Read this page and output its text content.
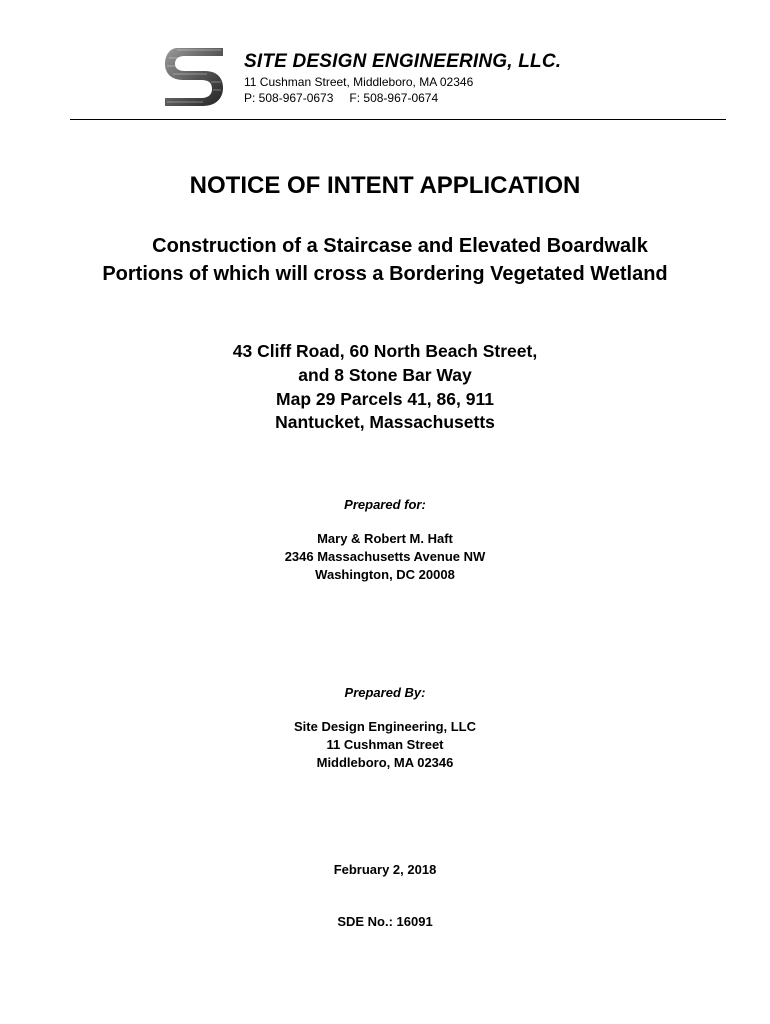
SITE DESIGN ENGINEERING, LLC.
11 Cushman Street, Middleboro, MA 02346
P: 508-967-0673 F: 508-967-0674
NOTICE OF INTENT APPLICATION
Construction of a Staircase and Elevated Boardwalk
Portions of which will cross a Bordering Vegetated Wetland
43 Cliff Road, 60 North Beach Street,
and 8 Stone Bar Way
Map 29 Parcels 41, 86, 911
Nantucket, Massachusetts
Prepared for:
Mary & Robert M. Haft
2346 Massachusetts Avenue NW
Washington, DC 20008
Prepared By:
Site Design Engineering, LLC
11 Cushman Street
Middleboro, MA 02346
February 2, 2018
SDE No.: 16091
